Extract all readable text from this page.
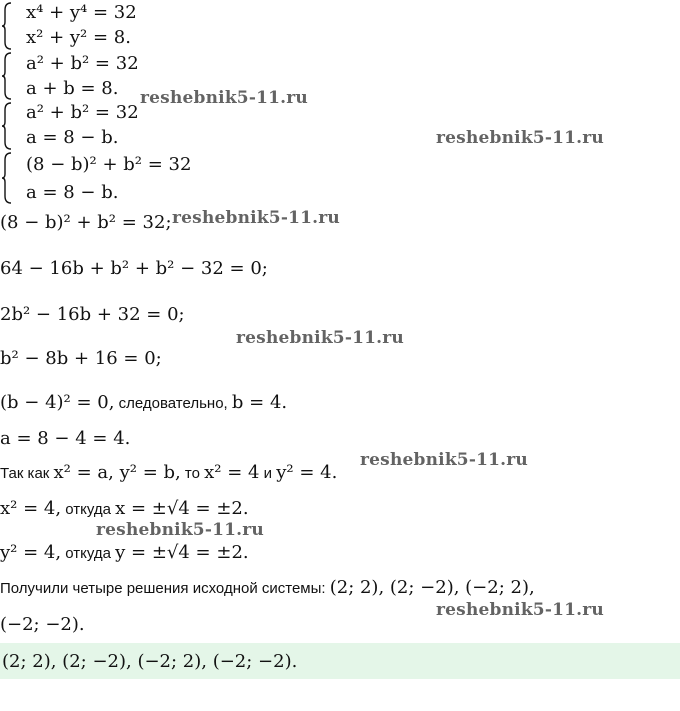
x⁴ + y⁴ = 32
x² + y² = 8.
a² + b² = 32
a + b = 8.
a² + b² = 32
a = 8 − b.
(8 − b)² + b² = 32
a = 8 − b.
(8 − b)² + b² = 32;
64 − 16b + b² + b² − 32 = 0;
2b² − 16b + 32 = 0;
b² − 8b + 16 = 0;
(b − 4)² = 0, следовательно, b = 4.
a = 8 − 4 = 4.
Так как x² = a, y² = b, то x² = 4 и y² = 4.
x² = 4, откуда x = ±√4 = ±2.
y² = 4, откуда y = ±√4 = ±2.
Получили четыре решения исходной системы: (2; 2), (2; −2), (−2; 2),
(−2; −2).
(2; 2), (2; −2), (−2; 2), (−2; −2).
reshebnik5-11.ru
reshebnik5-11.ru
reshebnik5-11.ru
reshebnik5-11.ru
reshebnik5-11.ru
reshebnik5-11.ru
reshebnik5-11.ru
